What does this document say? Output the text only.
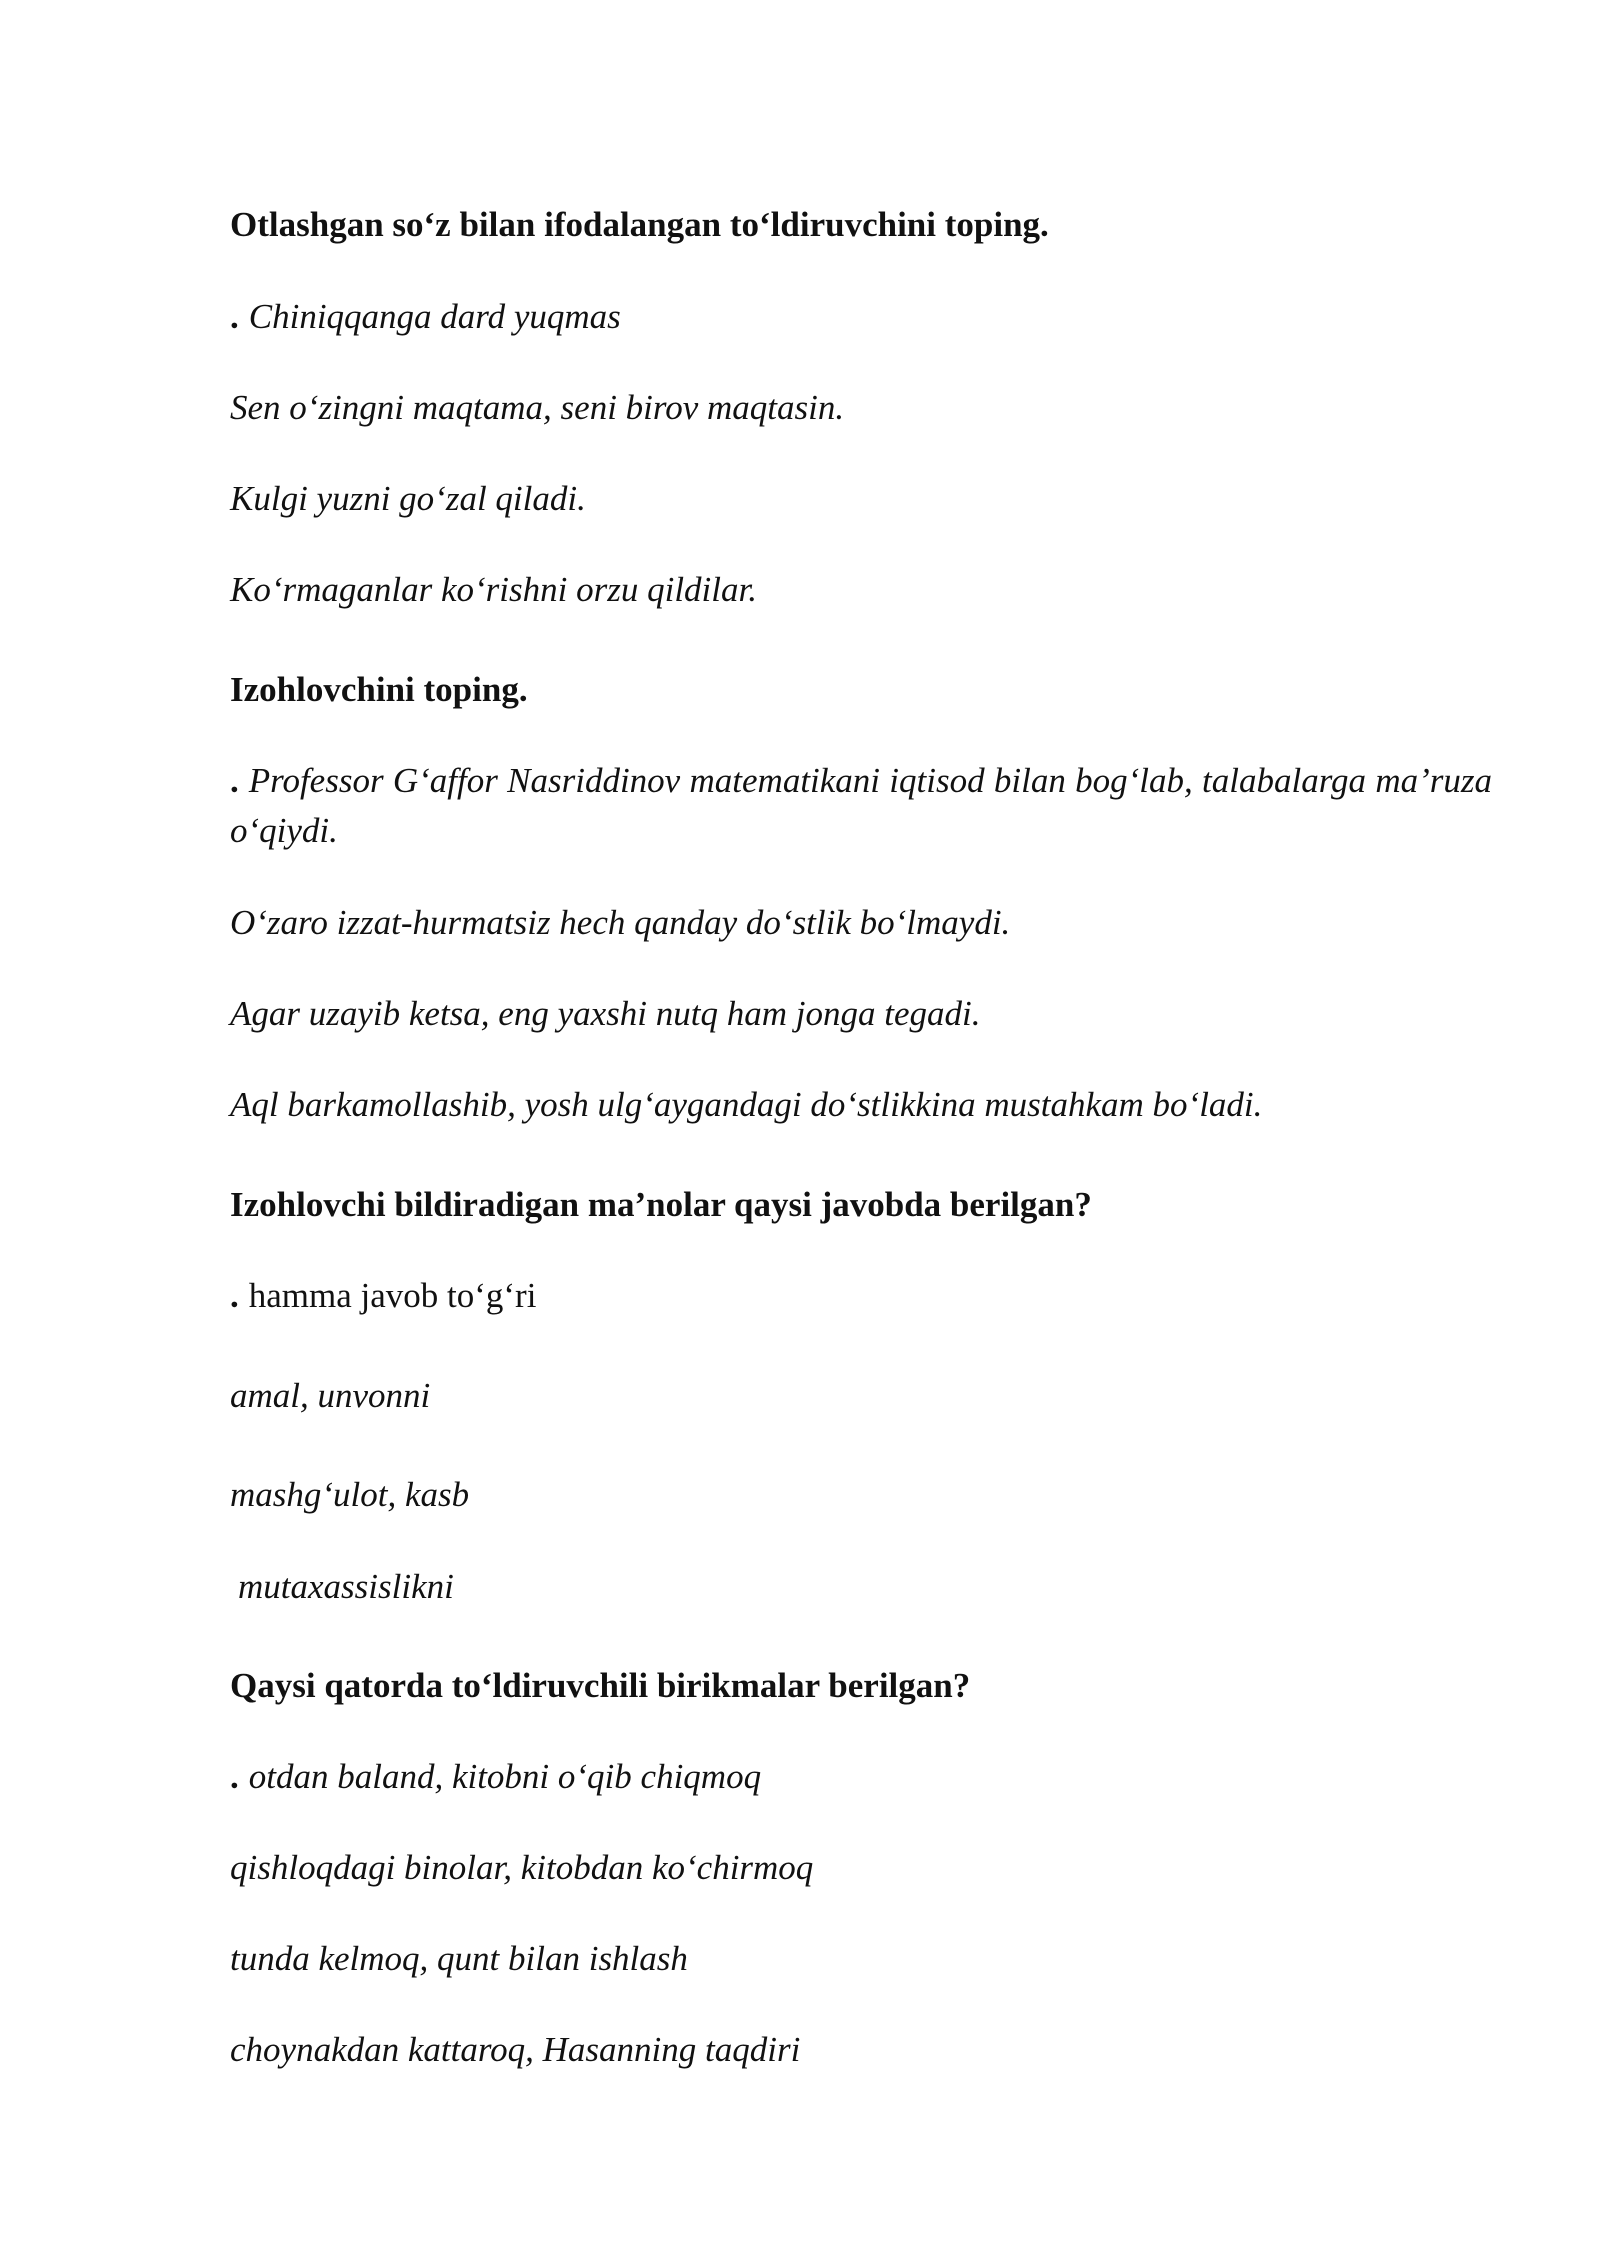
Otlashgan so‘z bilan ifodalangan to‘ldiruvchini toping.

. Chiniqqanga dard yuqmas

Sen o‘zingni maqtama, seni birov maqtasin.

Kulgi yuzni go‘zal qiladi.

Ko‘rmaganlar ko‘rishni orzu qildilar.

Izohlovchini toping.

. Professor G‘affor Nasriddinov matematikani iqtisod bilan bog‘lab, talabalarga ma’ruza o‘qiydi.

O‘zaro izzat-hurmatsiz hech qanday do‘stlik bo‘lmaydi.

Agar uzayib ketsa, eng yaxshi nutq ham jonga tegadi.

Aql barkamollashib, yosh ulg‘aygandagi do‘stlikkina mustahkam bo‘ladi.

Izohlovchi bildiradigan ma’nolar qaysi javobda berilgan?

. hamma javob to‘g‘ri

amal, unvonni

mashg‘ulot, kasb

mutaxassislikni

Qaysi qatorda to‘ldiruvchili birikmalar berilgan?

. otdan baland, kitobni o‘qib chiqmoq

qishloqdagi binolar, kitobdan ko‘chirmoq

tunda kelmoq, qunt bilan ishlash

choynakdan kattaroq, Hasanning taqdiri
